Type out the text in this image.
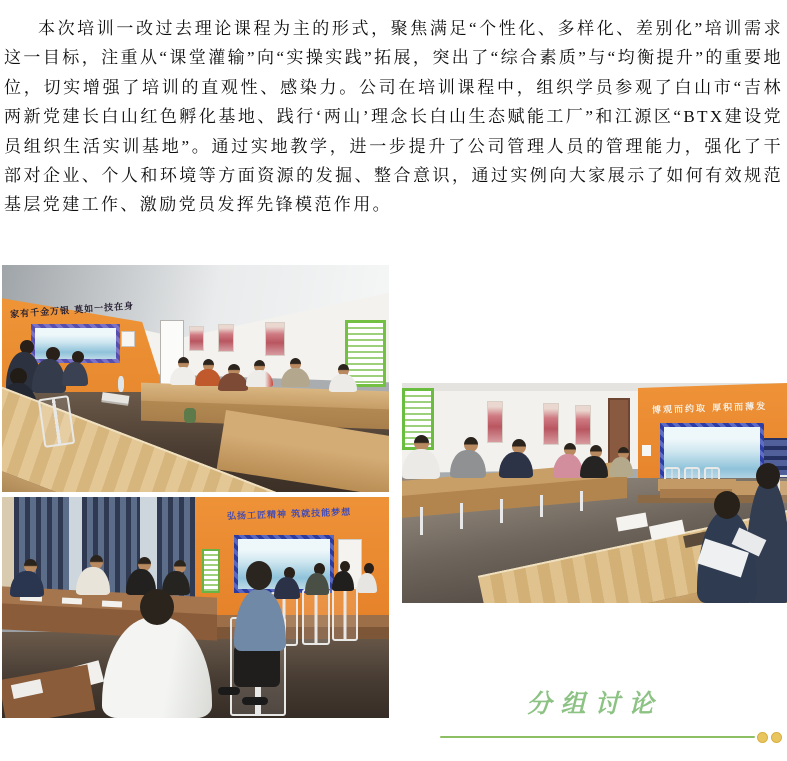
本次培训一改过去理论课程为主的形式，聚焦满足“个性化、多样化、差别化”培训需求这一目标，注重从“课堂灌输”向“实操实践”拓展，突出了“综合素质”与“均衡提升”的重要地位，切实增强了培训的直观性、感染力。公司在培训课程中，组织学员参观了白山市“吉林两新党建长白山红色孵化基地、践行‘两山’理念长白山生态赋能工厂”和江源区“BTX建设党员组织生活实训基地”。通过实地教学，进一步提升了公司管理人员的管理能力，强化了干部对企业、个人和环境等方面资源的发掘、整合意识，通过实例向大家展示了如何有效规范基层党建工作、激励党员发挥先锋模范作用。
家有千金万银 莫如一技在身
弘扬工匠精神 筑就技能梦想
博观而约取 厚积而薄发
分组讨论
